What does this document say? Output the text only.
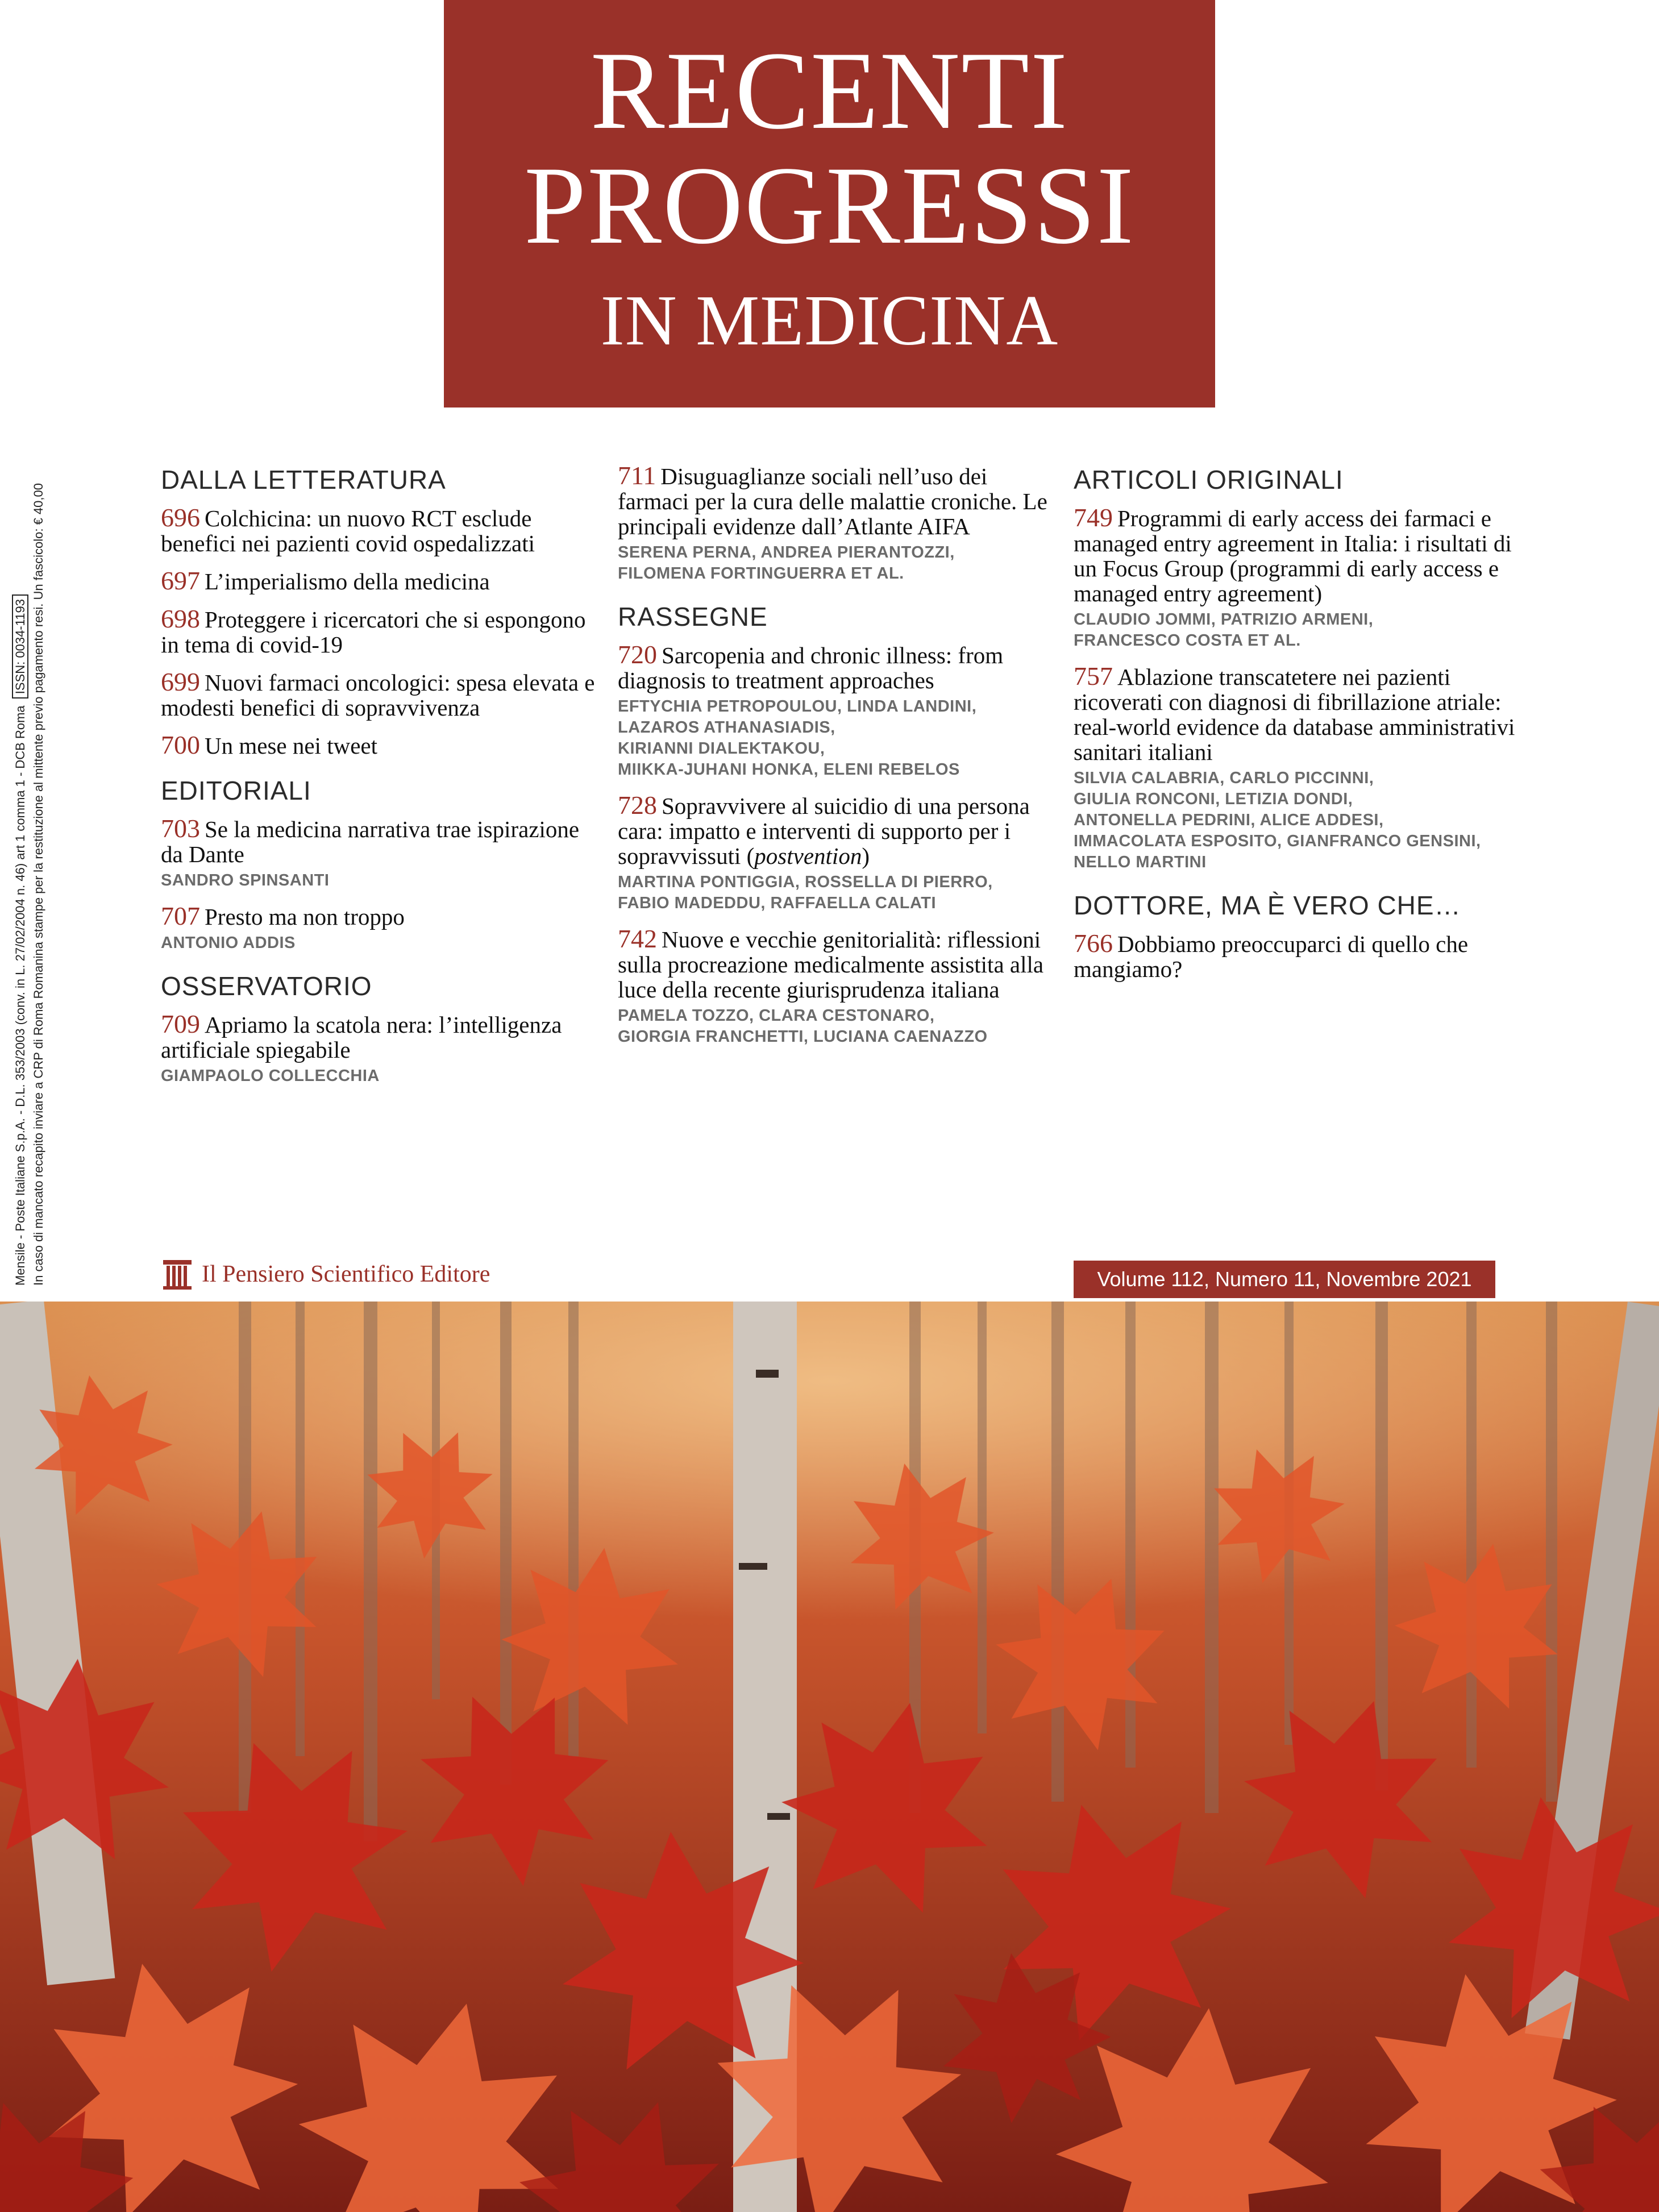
RECENTI
PROGRESSI
IN MEDICINA
Mensile - Poste Italiane S.p.A. - D.L. 353/2003 (conv. in L. 27/02/2004 n. 46) art 1 comma 1 - DCB Roma ISSN: 0034-1193 In caso di mancato recapito inviare a CRP di Roma Romanina stampe per la restituzione al mittente previo pagamento resi. Un fascicolo: € 40,00
DALLA LETTERATURA
696 Colchicina: un nuovo RCT esclude benefici nei pazienti covid ospedalizzati
697 L’imperialismo della medicina
698 Proteggere i ricercatori che si espongono in tema di covid-19
699 Nuovi farmaci oncologici: spesa elevata e modesti benefici di sopravvivenza
700 Un mese nei tweet
EDITORIALI
703 Se la medicina narrativa trae ispirazione da Dante
SANDRO SPINSANTI
707 Presto ma non troppo
ANTONIO ADDIS
OSSERVATORIO
709 Apriamo la scatola nera: l’intelligenza artificiale spiegabile
GIAMPAOLO COLLECCHIA
711 Disuguaglianze sociali nell’uso dei farmaci per la cura delle malattie croniche. Le principali evidenze dall’Atlante AIFA
SERENA PERNA, ANDREA PIERANTOZZI,
FILOMENA FORTINGUERRA ET AL.
RASSEGNE
720 Sarcopenia and chronic illness: from diagnosis to treatment approaches
EFTYCHIA PETROPOULOU, LINDA LANDINI,
LAZAROS ATHANASIADIS,
KIRIANNI DIALEKTAKOU,
MIIKKA-JUHANI HONKA, ELENI REBELOS
728 Sopravvivere al suicidio di una persona cara: impatto e interventi di supporto per i sopravvissuti (postvention)
MARTINA PONTIGGIA, ROSSELLA DI PIERRO,
FABIO MADEDDU, RAFFAELLA CALATI
742 Nuove e vecchie genitorialità: riflessioni sulla procreazione medicalmente assistita alla luce della recente giurisprudenza italiana
PAMELA TOZZO, CLARA CESTONARO,
GIORGIA FRANCHETTI, LUCIANA CAENAZZO
ARTICOLI ORIGINALI
749 Programmi di early access dei farmaci e managed entry agreement in Italia: i risultati di un Focus Group (programmi di early access e managed entry agreement)
CLAUDIO JOMMI, PATRIZIO ARMENI,
FRANCESCO COSTA ET AL.
757 Ablazione transcatetere nei pazienti ricoverati con diagnosi di fibrillazione atriale: real-world evidence da database amministrativi sanitari italiani
SILVIA CALABRIA, CARLO PICCINNI,
GIULIA RONCONI, LETIZIA DONDI,
ANTONELLA PEDRINI, ALICE ADDESI,
IMMACOLATA ESPOSITO, GIANFRANCO GENSINI,
NELLO MARTINI
DOTTORE, MA È VERO CHE…
766 Dobbiamo preoccuparci di quello che mangiamo?
Il Pensiero Scientifico Editore	Volume 112, Numero 11, Novembre 2021
